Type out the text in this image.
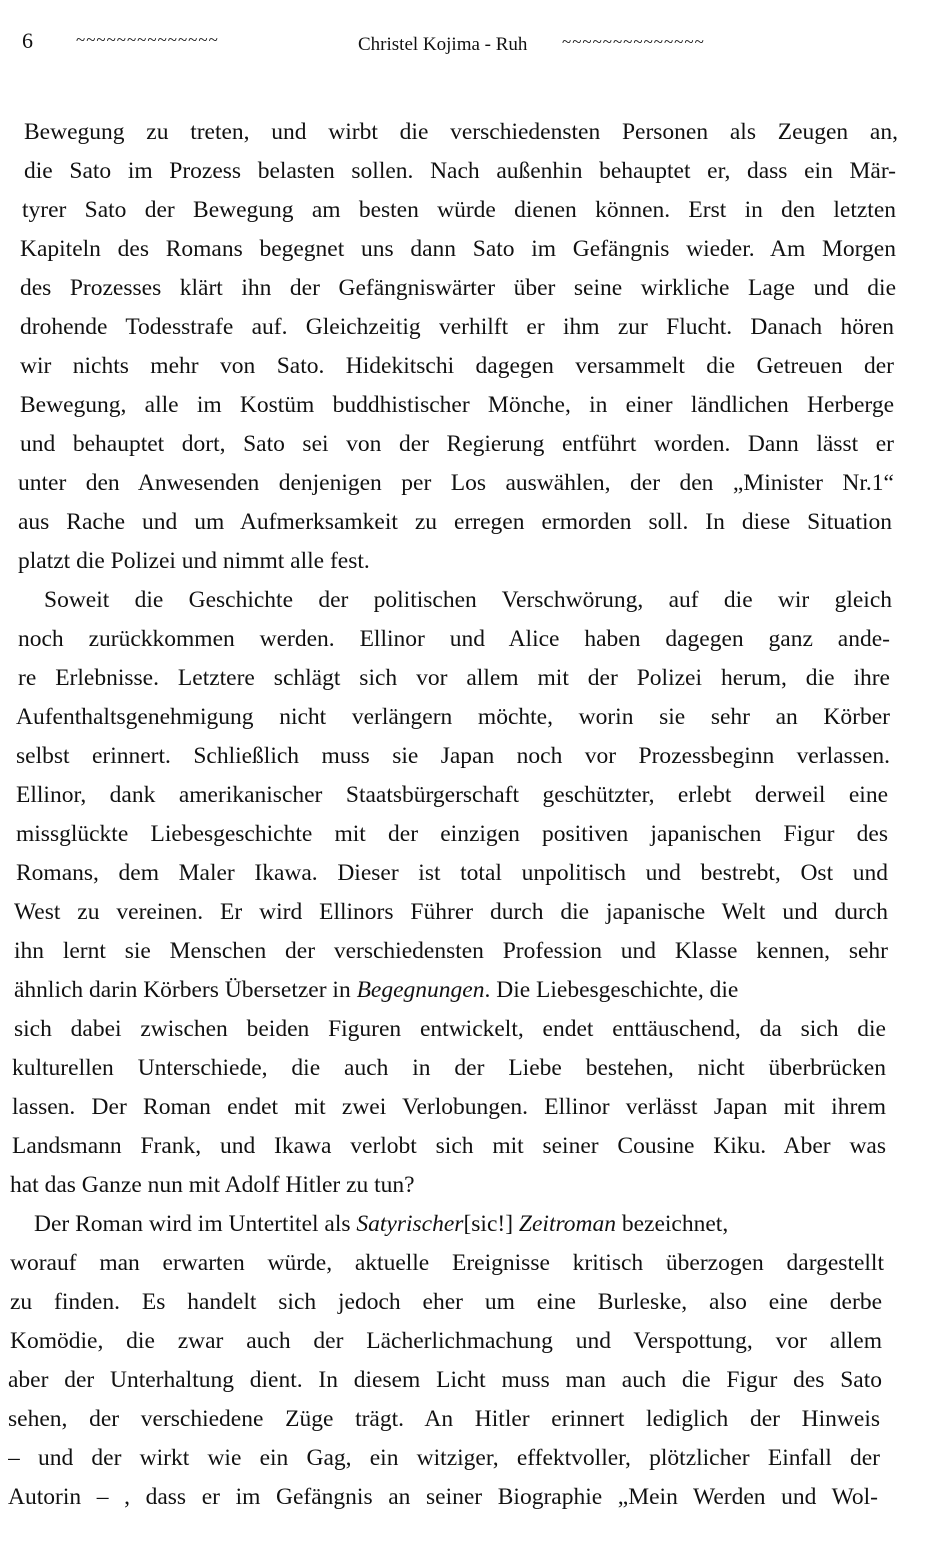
6	~~~~~~~~~~~~~~	Christel Kojima - Ruh ~~~~~~~~~~~~~~
Bewegung zu treten, und wirbt die verschiedensten Personen als Zeugen an,
die Sato im Prozess belasten sollen. Nach außenhin behauptet er, dass ein Mär-
tyrer Sato der Bewegung am besten würde dienen können. Erst in den letzten
Kapiteln des Romans begegnet uns dann Sato im Gefängnis wieder. Am Morgen
des Prozesses klärt ihn der Gefängniswärter über seine wirkliche Lage und die
drohende Todesstrafe auf. Gleichzeitig verhilft er ihm zur Flucht. Danach hören
wir nichts mehr von Sato. Hidekitschi dagegen versammelt die Getreuen der
Bewegung, alle im Kostüm buddhistischer Mönche, in einer ländlichen Herberge
und behauptet dort, Sato sei von der Regierung entführt worden. Dann lässt er
unter den Anwesenden denjenigen per Los auswählen, der den „Minister Nr.1“
aus Rache und um Aufmerksamkeit zu erregen ermorden soll. In diese Situation
platzt die Polizei und nimmt alle fest.
Soweit die Geschichte der politischen Verschwörung, auf die wir gleich
noch zurückkommen werden. Ellinor und Alice haben dagegen ganz ande-
re Erlebnisse. Letztere schlägt sich vor allem mit der Polizei herum, die ihre
Aufenthaltsgenehmigung nicht verlängern möchte, worin sie sehr an Körber
selbst erinnert. Schließlich muss sie Japan noch vor Prozessbeginn verlassen.
Ellinor, dank amerikanischer Staatsbürgerschaft geschützter, erlebt derweil eine
missglückte Liebesgeschichte mit der einzigen positiven japanischen Figur des
Romans, dem Maler Ikawa. Dieser ist total unpolitisch und bestrebt, Ost und
West zu vereinen. Er wird Ellinors Führer durch die japanische Welt und durch
ihn lernt sie Menschen der verschiedensten Profession und Klasse kennen, sehr
ähnlich darin Körbers Übersetzer in Begegnungen. Die Liebesgeschichte, die
sich dabei zwischen beiden Figuren entwickelt, endet enttäuschend, da sich die
kulturellen Unterschiede, die auch in der Liebe bestehen, nicht überbrücken
lassen. Der Roman endet mit zwei Verlobungen. Ellinor verlässt Japan mit ihrem
Landsmann Frank, und Ikawa verlobt sich mit seiner Cousine Kiku. Aber was
hat das Ganze nun mit Adolf Hitler zu tun?
Der Roman wird im Untertitel als Satyrischer[sic!] Zeitroman bezeichnet,
worauf man erwarten würde, aktuelle Ereignisse kritisch überzogen dargestellt
zu finden. Es handelt sich jedoch eher um eine Burleske, also eine derbe
Komödie, die zwar auch der Lächerlichmachung und Verspottung, vor allem
aber der Unterhaltung dient. In diesem Licht muss man auch die Figur des Sato
sehen, der verschiedene Züge trägt. An Hitler erinnert lediglich der Hinweis
– und der wirkt wie ein Gag, ein witziger, effektvoller, plötzlicher Einfall der
Autorin – , dass er im Gefängnis an seiner Biographie „Mein Werden und Wol-
